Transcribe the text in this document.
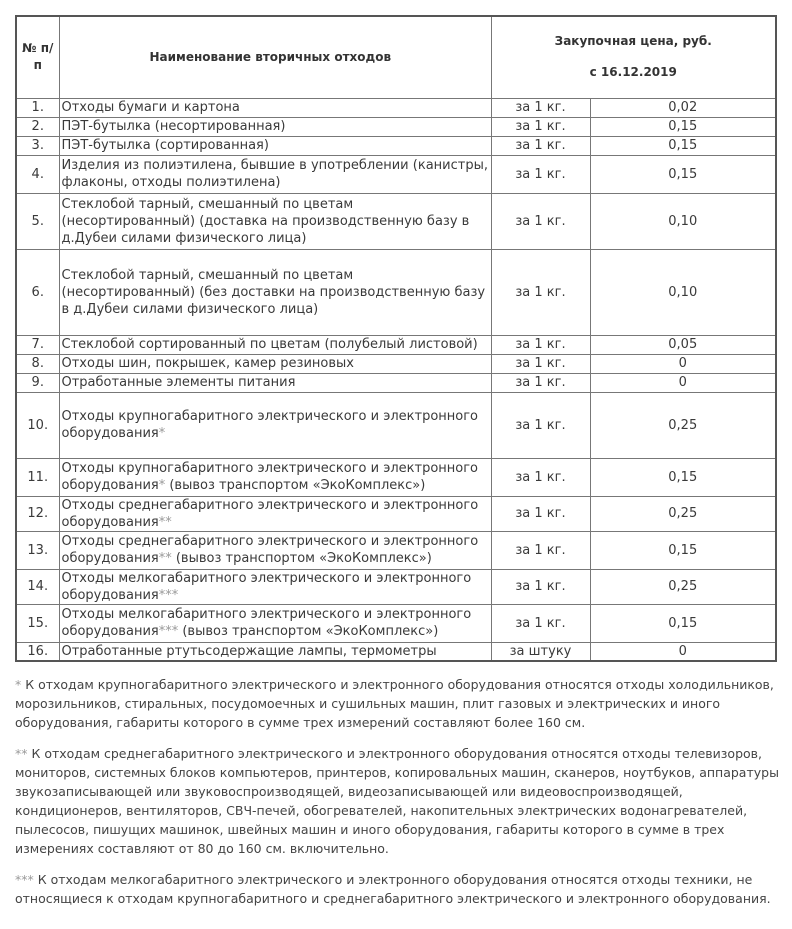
№ п/п	Наименование вторичных отходов	Закупочная цена, руб.
с 16.12.2019	

1.	Отходы бумаги и картона	за 1 кг.	0,02
2.	ПЭТ-бутылка (несортированная)	за 1 кг.	0,15
3.	ПЭТ-бутылка (сортированная)	за 1 кг.	0,15
4.	Изделия из полиэтилена, бывшие в употреблении (канистры, флаконы, отходы полиэтилена)	за 1 кг.	0,15
5.	Стеклобой тарный, смешанный по цветам (несортированный) (доставка на производственную базу в д.Дубеи силами физического лица)	за 1 кг.	0,10
6.	Стеклобой тарный, смешанный по цветам (несортированный) (без доставки на производственную базу в д.Дубеи силами физического лица)	за 1 кг.	0,10
7.	Стеклобой сортированный по цветам (полубелый листовой)	за 1 кг.	0,05
8.	Отходы шин, покрышек, камер резиновых	за 1 кг.	0
9.	Отработанные элементы питания	за 1 кг.	0
10.	Отходы крупногабаритного электрического и электронного оборудования*	за 1 кг.	0,25
11.	Отходы крупногабаритного электрического и электронного оборудования* (вывоз транспортом «ЭкоКомплекс»)	за 1 кг.	0,15
12.	Отходы среднегабаритного электрического и электронного оборудования**	за 1 кг.	0,25
13.	Отходы среднегабаритного электрического и электронного оборудования** (вывоз транспортом «ЭкоКомплекс»)	за 1 кг.	0,15
14.	Отходы мелкогабаритного электрического и электронного оборудования***	за 1 кг.	0,25
15.	Отходы мелкогабаритного электрического и электронного оборудования*** (вывоз транспортом «ЭкоКомплекс»)	за 1 кг.	0,15
16.	Отработанные ртутьсодержащие лампы, термометры	за штуку	0

* К отходам крупногабаритного электрического и электронного оборудования относятся отходы холодильников, морозильников, стиральных, посудомоечных и сушильных машин, плит газовых и электрических и иного оборудования, габариты которого в сумме трех измерений составляют более 160 см.

** К отходам среднегабаритного электрического и электронного оборудования относятся отходы телевизоров, мониторов, системных блоков компьютеров, принтеров, копировальных машин, сканеров, ноутбуков, аппаратуры звукозаписывающей или звуковоспроизводящей, видеозаписывающей или видеовоспроизводящей, кондиционеров, вентиляторов, СВЧ-печей, обогревателей, накопительных электрических водонагревателей, пылесосов, пишущих машинок, швейных машин и иного оборудования, габариты которого в сумме в трех измерениях составляют от 80 до 160 см. включительно.

*** К отходам мелкогабаритного электрического и электронного оборудования относятся отходы техники, не относящиеся к отходам крупногабаритного и среднегабаритного электрического и электронного оборудования.
